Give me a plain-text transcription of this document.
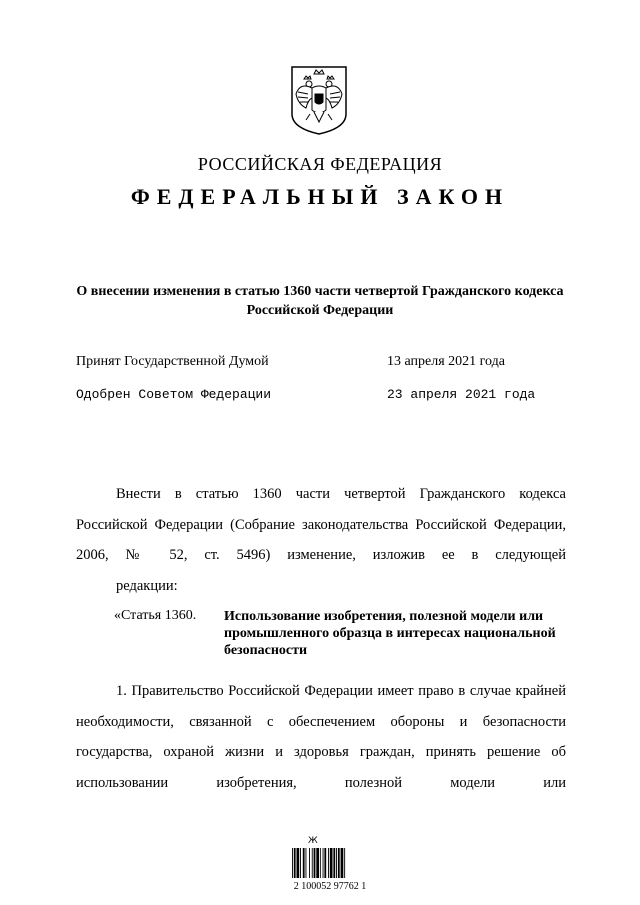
РОССИЙСКАЯ ФЕДЕРАЦИЯ
ФЕДЕРАЛЬНЫЙ ЗАКОН
О внесении изменения в статью 1360 части четвертой Гражданского кодекса Российской Федерации
Принят Государственной Думой	13 апреля 2021 года
Одобрен Советом Федерации	23 апреля 2021 года
Внести в статью 1360 части четвертой Гражданского кодекса Российской Федерации (Собрание законодательства Российской Федерации, 2006, № 52, ст. 5496) изменение, изложив ее в следующей
редакции:
«Статья 1360. Использование изобретения, полезной модели или промышленного образца в интересах национальной безопасности
1. Правительство Российской Федерации имеет право в случае крайней необходимости, связанной с обеспечением обороны и безопасности государства, охраной жизни и здоровья граждан, принять решение об использовании изобретения, полезной модели или
Ж
2 100052 97762 1
